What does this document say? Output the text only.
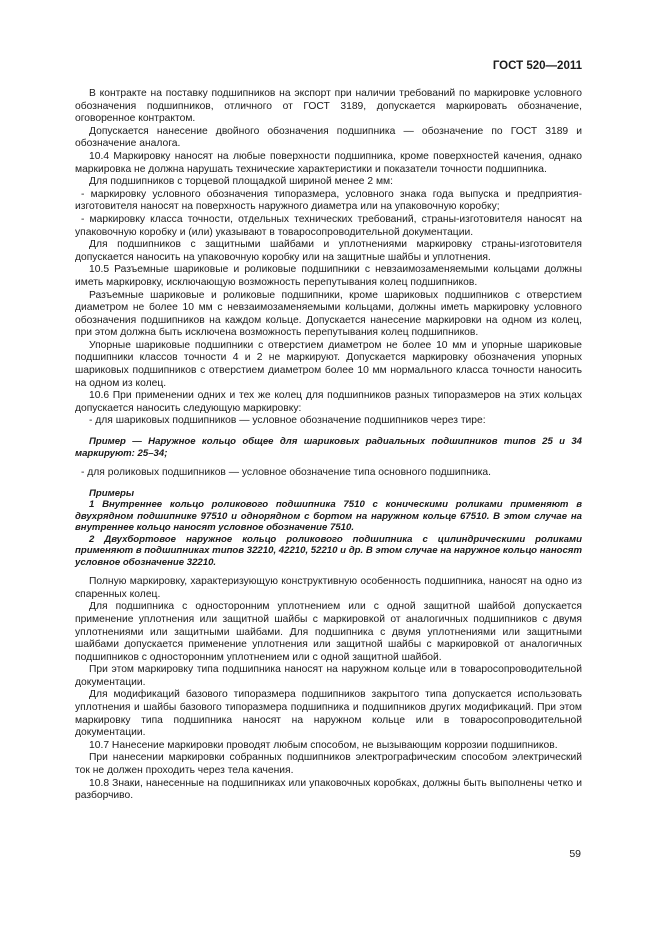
ГОСТ 520—2011

В контракте на поставку подшипников на экспорт при наличии требований по маркировке условного обозначения подшипников, отличного от ГОСТ 3189, допускается маркировать обозначение, оговоренное контрактом.

Допускается нанесение двойного обозначения подшипника — обозначение по ГОСТ 3189 и обозначение аналога.

10.4 Маркировку наносят на любые поверхности подшипника, кроме поверхностей качения, однако маркировка не должна нарушать технические характеристики и показатели точности подшипника.

Для подшипников с торцевой площадкой шириной менее 2 мм:

- маркировку условного обозначения типоразмера, условного знака года выпуска и предприятия-изготовителя наносят на поверхность наружного диаметра или на упаковочную коробку;

- маркировку класса точности, отдельных технических требований, страны-изготовителя наносят на упаковочную коробку и (или) указывают в товаросопроводительной документации.

Для подшипников с защитными шайбами и уплотнениями маркировку страны-изготовителя допускается наносить на упаковочную коробку или на защитные шайбы и уплотнения.

10.5 Разъемные шариковые и роликовые подшипники с невзаимозаменяемыми кольцами должны иметь маркировку, исключающую возможность перепутывания колец подшипников.

Разъемные шариковые и роликовые подшипники, кроме шариковых подшипников с отверстием диаметром не более 10 мм с невзаимозаменяемыми кольцами, должны иметь маркировку условного обозначения подшипников на каждом кольце. Допускается нанесение маркировки на одном из колец, при этом должна быть исключена возможность перепутывания колец подшипников.

Упорные шариковые подшипники с отверстием диаметром не более 10 мм и упорные шариковые подшипники классов точности 4 и 2 не маркируют. Допускается маркировку обозначения упорных шариковых подшипников с отверстием диаметром более 10 мм нормального класса точности наносить на одном из колец.

10.6 При применении одних и тех же колец для подшипников разных типоразмеров на этих кольцах допускается наносить следующую маркировку:

- для шариковых подшипников — условное обозначение подшипников через тире:

Пример — Наружное кольцо общее для шариковых радиальных подшипников типов 25 и 34 маркируют: 25–34;

- для роликовых подшипников — условное обозначение типа основного подшипника.

Примеры

1 Внутреннее кольцо роликового подшипника 7510 с коническими роликами применяют в двухрядном подшипнике 97510 и однорядном с бортом на наружном кольце 67510. В этом случае на внутреннее кольцо наносят условное обозначение 7510.

2 Двухбортовое наружное кольцо роликового подшипника с цилиндрическими роликами применяют в подшипниках типов 32210, 42210, 52210 и др. В этом случае на наружное кольцо наносят условное обозначение 32210.

Полную маркировку, характеризующую конструктивную особенность подшипника, наносят на одно из спаренных колец.

Для подшипника с односторонним уплотнением или с одной защитной шайбой допускается применение уплотнения или защитной шайбы с маркировкой от аналогичных подшипников с двумя уплотнениями или защитными шайбами. Для подшипника с двумя уплотнениями или защитными шайбами допускается применение уплотнения или защитной шайбы с маркировкой от аналогичных подшипников с односторонним уплотнением или с одной защитной шайбой.

При этом маркировку типа подшипника наносят на наружном кольце или в товаросопроводительной документации.

Для модификаций базового типоразмера подшипников закрытого типа допускается использовать уплотнения и шайбы базового типоразмера подшипника и подшипников других модификаций. При этом маркировку типа подшипника наносят на наружном кольце или в товаросопроводительной документации.

10.7 Нанесение маркировки проводят любым способом, не вызывающим коррозии подшипников.

При нанесении маркировки собранных подшипников электрографическим способом электрический ток не должен проходить через тела качения.

10.8 Знаки, нанесенные на подшипниках или упаковочных коробках, должны быть выполнены четко и разборчиво.

59
